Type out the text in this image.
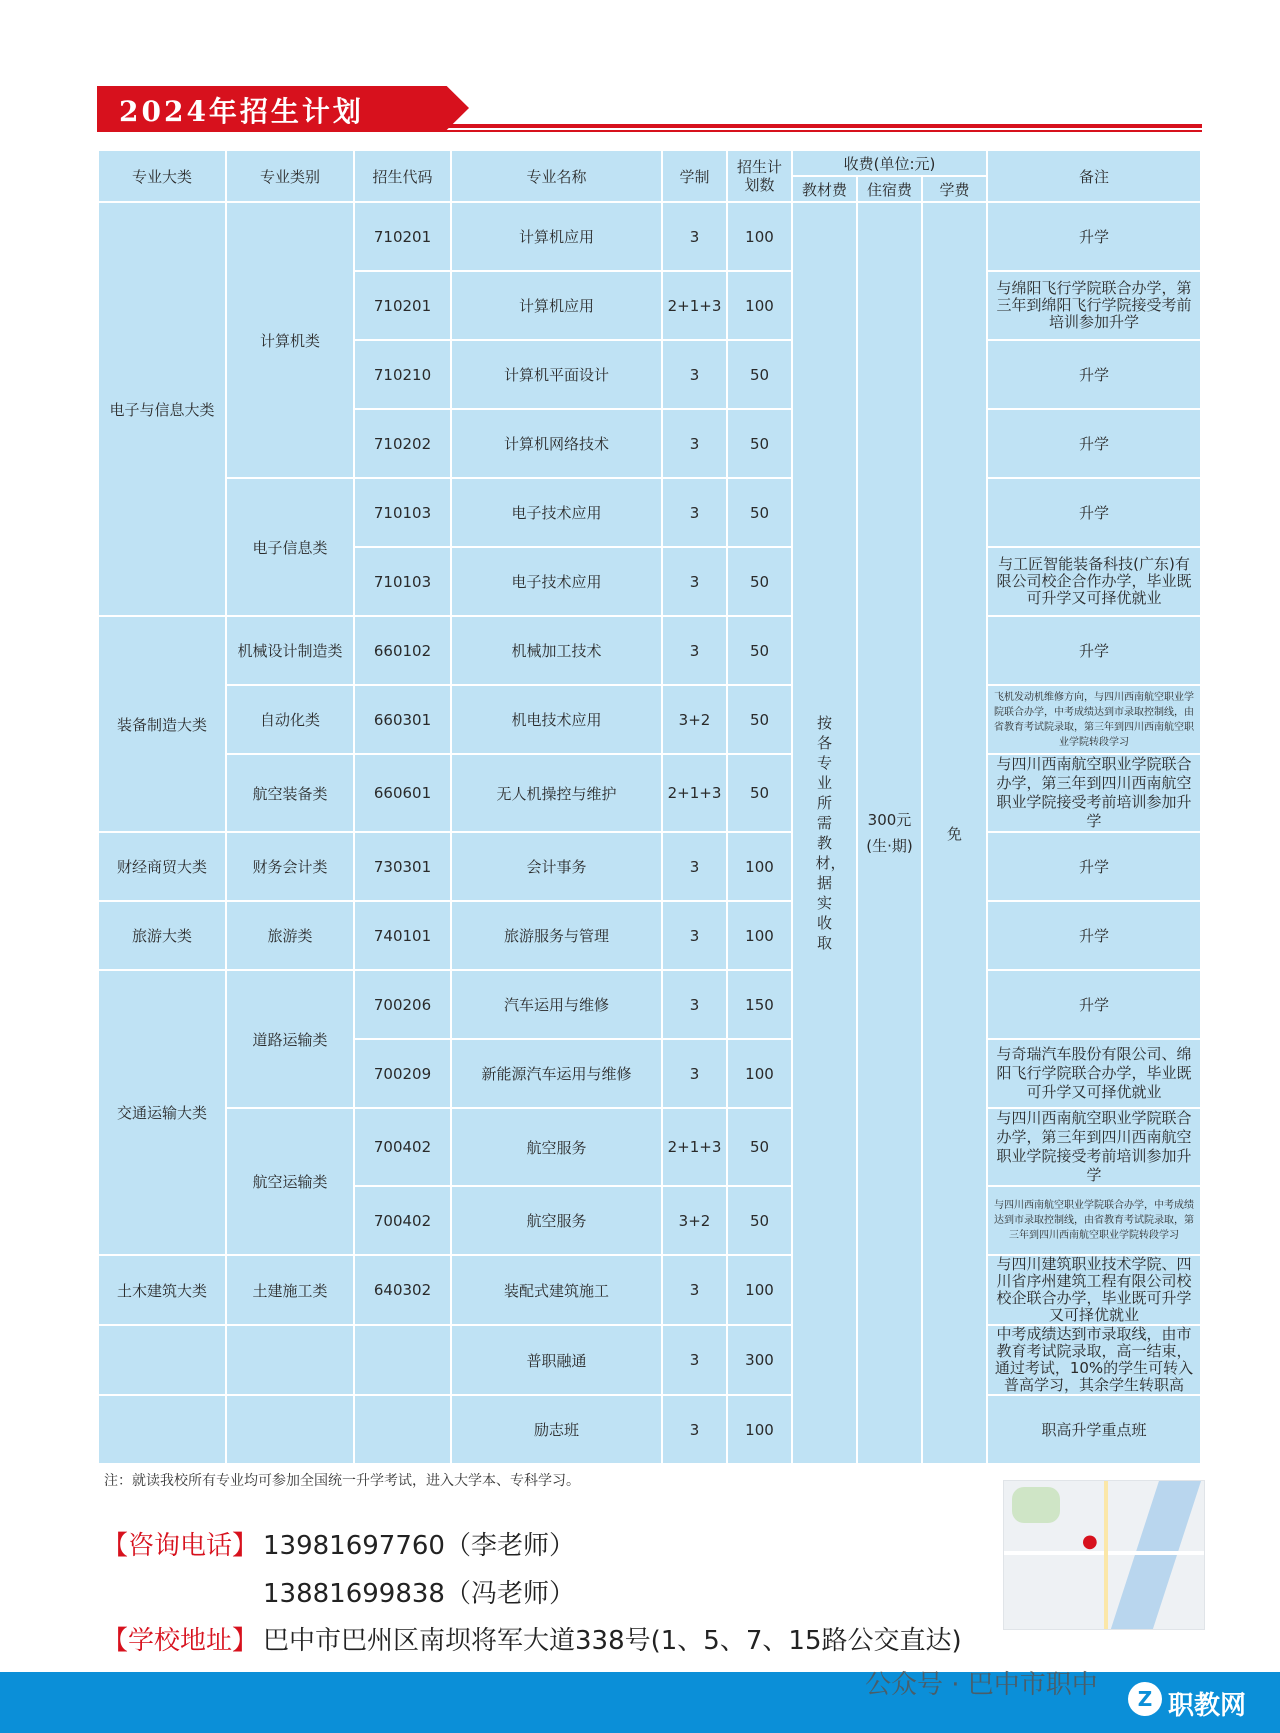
2024年招生计划
专业大类	专业类别	招生代码	专业名称	学制	招生计划数	收费(单位:元)			备注
						教材费	住宿费	学费	
电子与信息大类	计算机类	710201	计算机应用	3	100	按各专业所需教材，据实收取	300元(生·期)	免	升学
		710201	计算机应用	2+1+3	100				与绵阳飞行学院联合办学，第三年到绵阳飞行学院接受考前培训参加升学
		710210	计算机平面设计	3	50				升学
		710202	计算机网络技术	3	50				升学
	电子信息类	710103	电子技术应用	3	50				升学
		710103	电子技术应用	3	50				与工匠智能装备科技(广东)有限公司校企合作办学，毕业既可升学又可择优就业
装备制造大类	机械设计制造类	660102	机械加工技术	3	50				升学
	自动化类	660301	机电技术应用	3+2	50				飞机发动机维修方向，与四川西南航空职业学院联合办学，中考成绩达到市录取控制线，由省教育考试院录取，第三年到四川西南航空职业学院转段学习
	航空装备类	660601	无人机操控与维护	2+1+3	50				与四川西南航空职业学院联合办学，第三年到四川西南航空职业学院接受考前培训参加升学
财经商贸大类	财务会计类	730301	会计事务	3	100				升学
旅游大类	旅游类	740101	旅游服务与管理	3	100				升学
交通运输大类	道路运输类	700206	汽车运用与维修	3	150				升学
		700209	新能源汽车运用与维修	3	100				与奇瑞汽车股份有限公司、绵阳飞行学院联合办学，毕业既可升学又可择优就业
	航空运输类	700402	航空服务	2+1+3	50				与四川西南航空职业学院联合办学，第三年到四川西南航空职业学院接受考前培训参加升学
		700402	航空服务	3+2	50				与四川西南航空职业学院联合办学，中考成绩达到市录取控制线，由省教育考试院录取，第三年到四川西南航空职业学院转段学习
土木建筑大类	土建施工类	640302	装配式建筑施工	3	100				与四川建筑职业技术学院、四川省序州建筑工程有限公司校校企联合办学，毕业既可升学又可择优就业
			普职融通	3	300				中考成绩达到市录取线，由市教育考试院录取，高一结束，通过考试，10%的学生可转入普高学习，其余学生转职高
			励志班	3	100				职高升学重点班
注：就读我校所有专业均可参加全国统一升学考试，进入大学本、专科学习。
【咨询电话】 13981697760（李老师）
13881699838（冯老师）
【学校地址】 巴中市巴州区南坝将军大道338号(1、5、7、15路公交直达)
●
公众号 · 巴中市职中	Z 职教网
